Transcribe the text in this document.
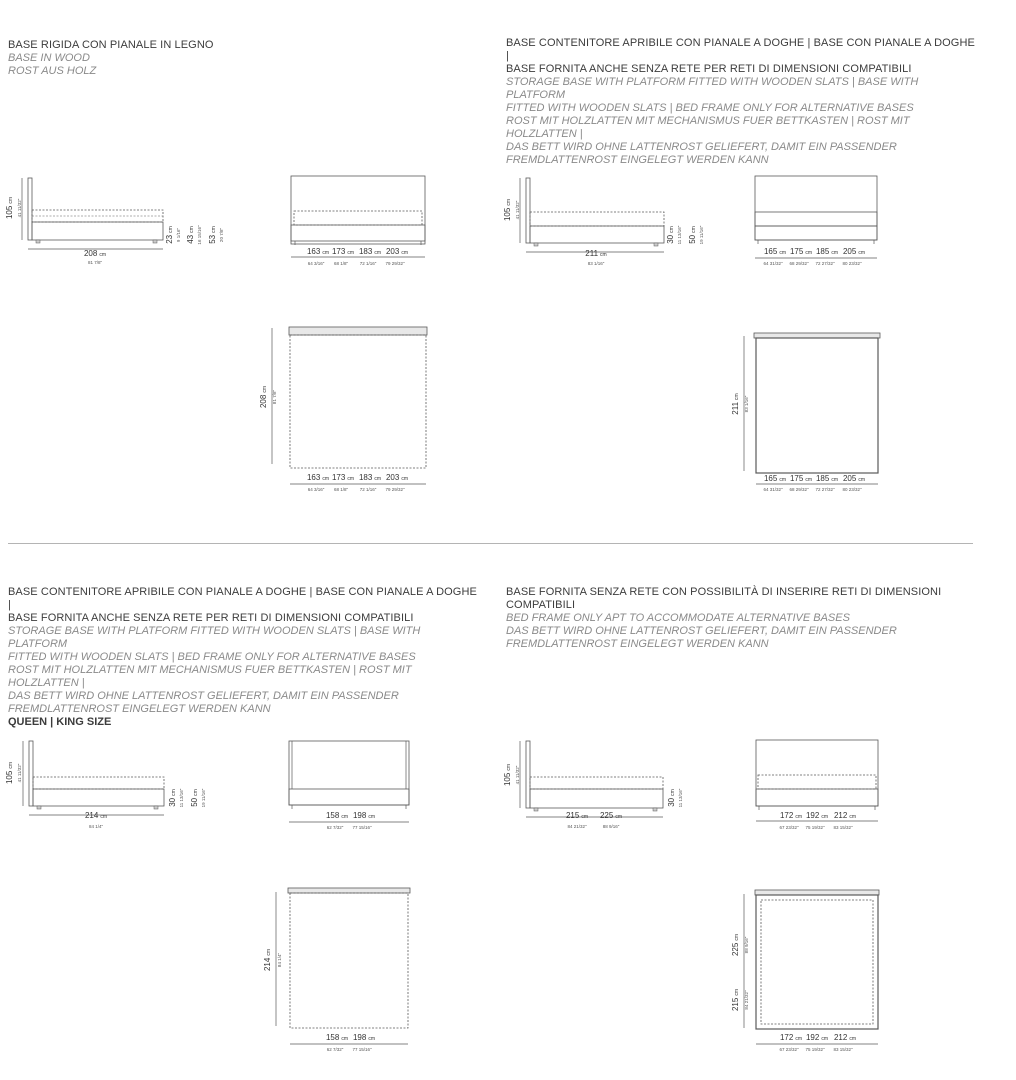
BASE RIGIDA CON PIANALE IN LEGNO
BASE IN WOOD
ROST AUS HOLZ
BASE CONTENITORE APRIBILE CON PIANALE A DOGHE | BASE CON PIANALE A DOGHE |
BASE FORNITA ANCHE SENZA RETE PER RETI DI DIMENSIONI COMPATIBILI
STORAGE BASE WITH PLATFORM FITTED WITH WOODEN SLATS | BASE WITH PLATFORM
FITTED WITH WOODEN SLATS | BED FRAME ONLY FOR ALTERNATIVE BASES
ROST MIT HOLZLATTEN MIT MECHANISMUS FUER BETTKASTEN | ROST MIT HOLZLATTEN |
DAS BETT WIRD OHNE LATTENROST GELIEFERT, DAMIT EIN PASSENDER
FREMDLATTENROST EINGELEGT WERDEN KANN
BASE CONTENITORE APRIBILE CON PIANALE A DOGHE | BASE CON PIANALE A DOGHE |
BASE FORNITA ANCHE SENZA RETE PER RETI DI DIMENSIONI COMPATIBILI
STORAGE BASE WITH PLATFORM FITTED WITH WOODEN SLATS | BASE WITH PLATFORM
FITTED WITH WOODEN SLATS | BED FRAME ONLY FOR ALTERNATIVE BASES
ROST MIT HOLZLATTEN MIT MECHANISMUS FUER BETTKASTEN | ROST MIT HOLZLATTEN |
DAS BETT WIRD OHNE LATTENROST GELIEFERT, DAMIT EIN PASSENDER
FREMDLATTENROST EINGELEGT WERDEN KANN
QUEEN | KING SIZE
BASE FORNITA SENZA RETE CON POSSIBILITÀ DI INSERIRE RETI DI DIMENSIONI
COMPATIBILI
BED FRAME ONLY APT TO ACCOMMODATE ALTERNATIVE BASES
DAS BETT WIRD OHNE LATTENROST GELIEFERT, DAMIT EIN PASSENDER
FREMDLATTENROST EINGELEGT WERDEN KANN
105cm 41 11/32"
208 cm
81 7/8"
23cm 9 1/16" 43cm 16 15/16" 53cm 20 7/8"
163 cm
64 3/16"
173 cm
68 1/8"
183 cm
72 1/16"
203 cm
79 29/32"
208cm
81 7/8"
163 cm
64 3/16"
173 cm
68 1/8"
183 cm
72 1/16"
203 cm
79 29/32"
105cm 41 11/32"
211 cm
83 1/16"
30cm 11 13/16" 50cm 19 11/16"
165 cm
64 31/32"
175 cm
68 29/32"
185 cm
72 27/32"
205 cm
80 23/32"
211cm 83 1/16"
165 cm
64 31/32"
175 cm
68 29/32"
185 cm
72 27/32"
205 cm
80 23/32"
105cm 41 11/32"
214 cm
84 1/4"
30cm 11 13/16" 50cm 19 11/16"
158 cm
62 7/32"
198 cm
77 15/16"
214cm
84 1/4"
158 cm
62 7/32"
198 cm
77 15/16"
105cm 41 11/32"
215 cm
84 21/32"
225 cm
88 9/16"
30cm 11 13/16"
172 cm
67 23/32"
192 cm
75 19/32"
212 cm
83 15/32"
215cm 84 21/32"
225cm 88 9/16"
172 cm
67 23/32"
192 cm
75 19/32"
212 cm
83 15/32"
